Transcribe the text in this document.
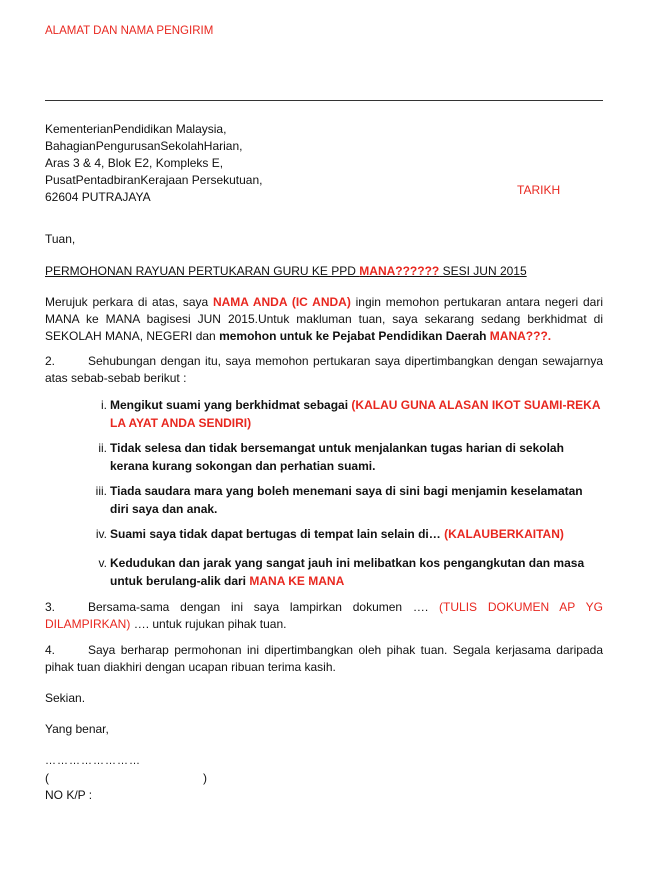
ALAMAT DAN NAMA PENGIRIM
KementerianPendidikan Malaysia,
BahagianPengurusanSekolahHarian,
Aras 3 & 4, Blok E2, Kompleks E,
PusatPentadbiranKerajaan Persekutuan,
62604 PUTRAJAYA	TARIKH
Tuan,
PERMOHONAN RAYUAN PERTUKARAN GURU KE PPD MANA?????? SESI JUN 2015
Merujuk perkara di atas, saya NAMA ANDA (IC ANDA) ingin memohon pertukaran antara negeri dari MANA ke MANA bagisesi JUN 2015.Untuk makluman tuan, saya sekarang sedang berkhidmat di SEKOLAH MANA, NEGERI dan memohon untuk ke Pejabat Pendidikan Daerah MANA???.
2.	Sehubungan dengan itu, saya memohon pertukaran saya dipertimbangkan dengan sewajarnya atas sebab-sebab berikut :
i. Mengikut suami yang berkhidmat sebagai (KALAU GUNA ALASAN IKOT SUAMI-REKA LA AYAT ANDA SENDIRI)
ii. Tidak selesa dan tidak bersemangat untuk menjalankan tugas harian di sekolah kerana kurang sokongan dan perhatian suami.
iii. Tiada saudara mara yang boleh menemani saya di sini bagi menjamin keselamatan diri saya dan anak.
iv. Suami saya tidak dapat bertugas di tempat lain selain di… (KALAUBERKAITAN)
v. Kedudukan dan jarak yang sangat jauh ini melibatkan kos pengangkutan dan masa untuk berulang-alik dari MANA KE MANA
3.	Bersama-sama dengan ini saya lampirkan dokumen …. (TULIS DOKUMEN AP YG DILAMPIRKAN) …. untuk rujukan pihak tuan.
4.	Saya berharap permohonan ini dipertimbangkan oleh pihak tuan. Segala kerjasama daripada pihak tuan diakhiri dengan ucapan ribuan terima kasih.
Sekian.
Yang benar,
……………………
(	)
NO K/P :
